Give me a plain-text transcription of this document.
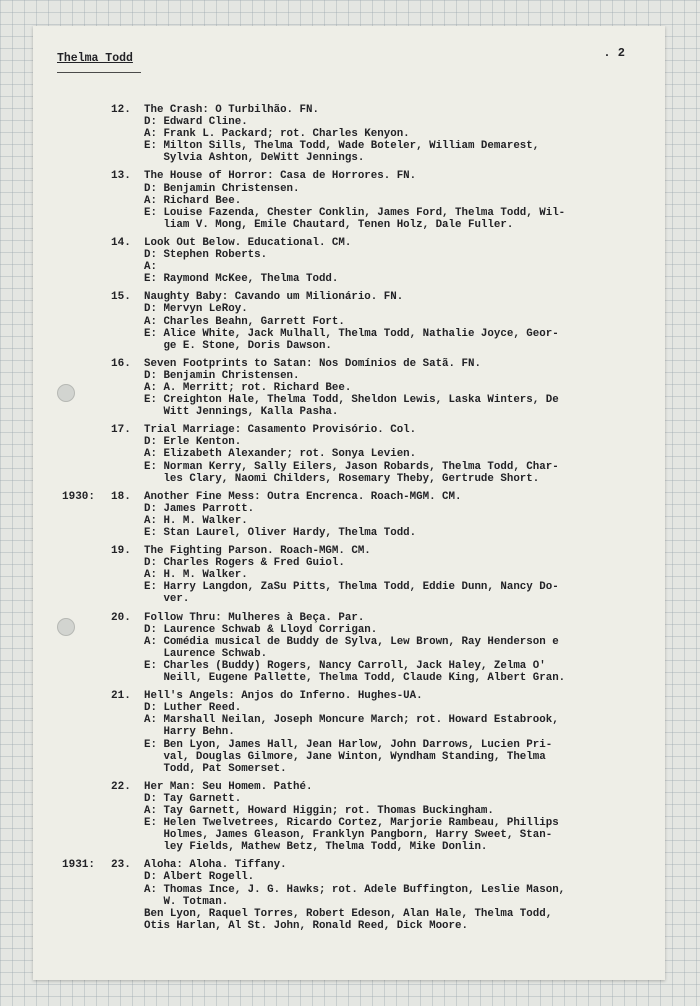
Thelma Todd	. 2
12. The Crash: O Turbilhão. FN.
D: Edward Cline.
A: Frank L. Packard; rot. Charles Kenyon.
E: Milton Sills, Thelma Todd, Wade Boteler, William Demarest,
Sylvia Ashton, DeWitt Jennings.
13. The House of Horror: Casa de Horrores. FN.
D: Benjamin Christensen.
A: Richard Bee.
E: Louise Fazenda, Chester Conklin, James Ford, Thelma Todd, Wil-
liam V. Mong, Emile Chautard, Tenen Holz, Dale Fuller.
14. Look Out Below. Educational. CM.
D: Stephen Roberts.
A:
E: Raymond McKee, Thelma Todd.
15. Naughty Baby: Cavando um Milionário. FN.
D: Mervyn LeRoy.
A: Charles Beahn, Garrett Fort.
E: Alice White, Jack Mulhall, Thelma Todd, Nathalie Joyce, Geor-
ge E. Stone, Doris Dawson.
16. Seven Footprints to Satan: Nos Domínios de Satã. FN.
D: Benjamin Christensen.
A: A. Merritt; rot. Richard Bee.
E: Creighton Hale, Thelma Todd, Sheldon Lewis, Laska Winters, De
Witt Jennings, Kalla Pasha.
17. Trial Marriage: Casamento Provisório. Col.
D: Erle Kenton.
A: Elizabeth Alexander; rot. Sonya Levien.
E: Norman Kerry, Sally Eilers, Jason Robards, Thelma Todd, Char-
les Clary, Naomi Childers, Rosemary Theby, Gertrude Short.
1930: 18. Another Fine Mess: Outra Encrenca. Roach-MGM. CM.
D: James Parrott.
A: H. M. Walker.
E: Stan Laurel, Oliver Hardy, Thelma Todd.
19. The Fighting Parson. Roach-MGM. CM.
D: Charles Rogers & Fred Guiol.
A: H. M. Walker.
E: Harry Langdon, ZaSu Pitts, Thelma Todd, Eddie Dunn, Nancy Do-
ver.
20. Follow Thru: Mulheres à Beça. Par.
D: Laurence Schwab & Lloyd Corrigan.
A: Comédia musical de Buddy de Sylva, Lew Brown, Ray Henderson e
Laurence Schwab.
E: Charles (Buddy) Rogers, Nancy Carroll, Jack Haley, Zelma O'
Neill, Eugene Pallette, Thelma Todd, Claude King, Albert Gran.
21. Hell's Angels: Anjos do Inferno. Hughes-UA.
D: Luther Reed.
A: Marshall Neilan, Joseph Moncure March; rot. Howard Estabrook,
Harry Behn.
E: Ben Lyon, James Hall, Jean Harlow, John Darrows, Lucien Pri-
val, Douglas Gilmore, Jane Winton, Wyndham Standing, Thelma
Todd, Pat Somerset.
22. Her Man: Seu Homem. Pathé.
D: Tay Garnett.
A: Tay Garnett, Howard Higgin; rot. Thomas Buckingham.
E: Helen Twelvetrees, Ricardo Cortez, Marjorie Rambeau, Phillips
Holmes, James Gleason, Franklyn Pangborn, Harry Sweet, Stan-
ley Fields, Mathew Betz, Thelma Todd, Mike Donlin.
1931: 23. Aloha: Aloha. Tiffany.
D: Albert Rogell.
A: Thomas Ince, J. G. Hawks; rot. Adele Buffington, Leslie Mason,
W. Totman.
Ben Lyon, Raquel Torres, Robert Edeson, Alan Hale, Thelma Todd,
Otis Harlan, Al St. John, Ronald Reed, Dick Moore.
